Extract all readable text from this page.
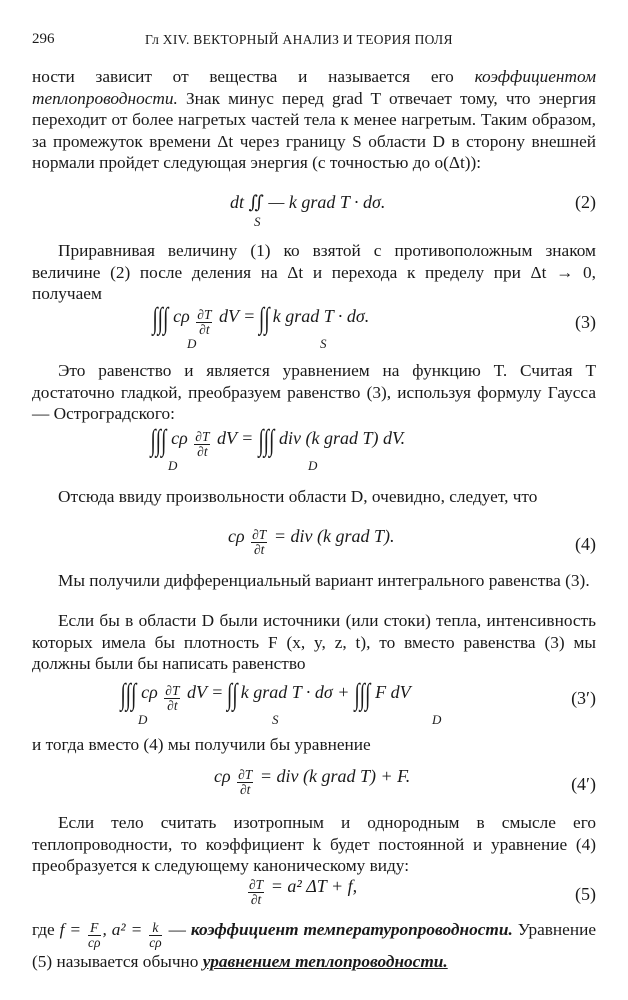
296	Гл XIV. ВЕКТОРНЫЙ АНАЛИЗ И ТЕОРИЯ ПОЛЯ
ности зависит от вещества и называется его коэффициентом теплопроводности. Знак минус перед grad T отвечает тому, что энергия переходит от более нагретых частей тела к менее нагретым. Таким образом, за промежуток времени Δt через границу S области D в сторону внешней нормали пройдет следующая энергия (с точностью до o(Δt)):
dt ∬ — k grad T · dσ.
S
(2)
Приравнивая величину (1) ко взятой с противоположным знаком величине (2) после деления на Δt и перехода к пределу при Δt → 0, получаем
∫∫∫ cρ $\frac{\partial T}{\partial t}$ dV = ∫∫ k grad T · dσ.
D	S
(3)
Это равенство и является уравнением на функцию T. Считая T достаточно гладкой, преобразуем равенство (3), используя формулу Гаусса — Остроградского:
∫∫∫ cρ $\frac{\partial T}{\partial t}$ dV = ∫∫∫ div (k grad T) dV.
D	D
Отсюда ввиду произвольности области D, очевидно, следует, что
cρ $\frac{\partial T}{\partial t}$ = div (k grad T).	(4)
Мы получили дифференциальный вариант интегрального равенства (3).
Если бы в области D были источники (или стоки) тепла, интенсивность которых имела бы плотность F (x, y, z, t), то вместо равенства (3) мы должны были бы написать равенство
∫∫∫ cρ $\frac{\partial T}{\partial t}$ dV = ∫∫ k grad T · dσ + ∫∫∫ F dV
D	S	D
(3′)
и тогда вместо (4) мы получили бы уравнение
cρ $\frac{\partial T}{\partial t}$ = div (k grad T) + F.	(4′)
Если тело считать изотропным и однородным в смысле его теплопроводности, то коэффициент k будет постоянной и уравнение (4) преобразуется к следующему каноническому виду:
$\frac{\partial T}{\partial t} = a^2$ ΔT + f,	(5)
где $f = \frac{F}{c\rho}$ , $a^2 = \frac{k}{c\rho}$ — коэффициент температуропроводности. Уравнение (5) называется обычно уравнением теплопроводности.
